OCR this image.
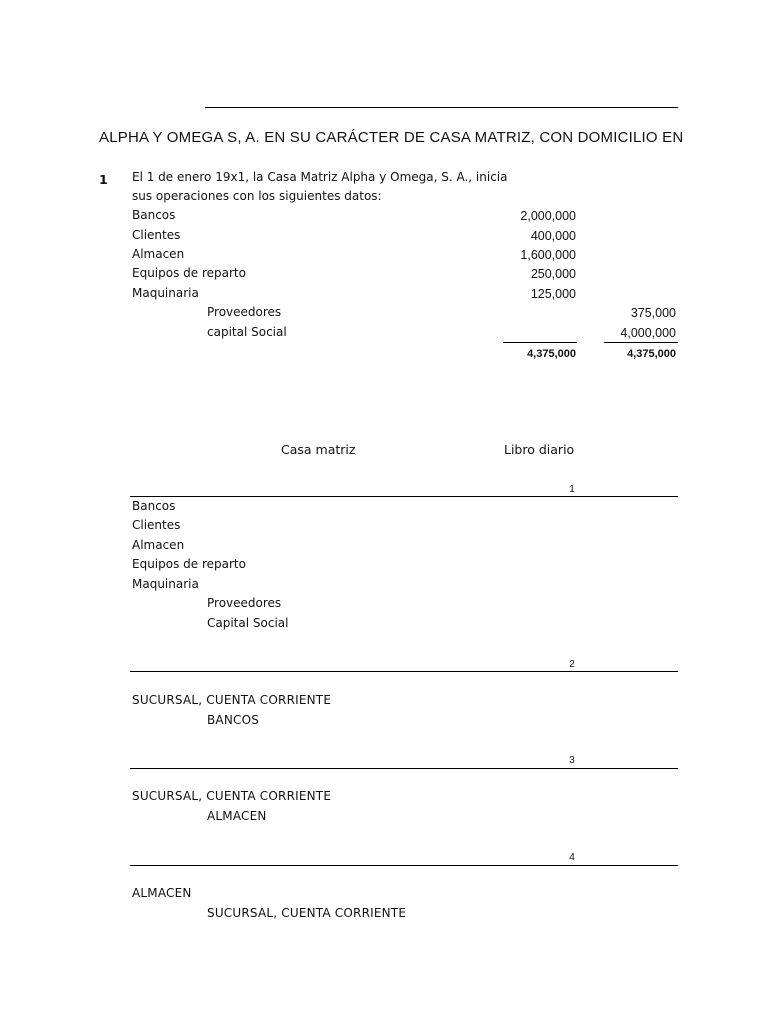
ALPHA Y OMEGA S, A. EN SU CARÁCTER DE CASA MATRIZ, CON DOMICILIO EN
1 El 1 de enero 19x1, la Casa Matriz Alpha y Omega, S. A., inicia
sus operaciones con los siguientes datos:
Bancos	2,000,000
Clientes	400,000
Almacen	1,600,000
Equipos de reparto	250,000
Maquinaria	125,000
Proveedores	375,000
capital Social	4,000,000
4,375,000	4,375,000
Casa matriz	Libro diario
1
Bancos
Clientes
Almacen
Equipos de reparto
Maquinaria
Proveedores
Capital Social
2
SUCURSAL, CUENTA CORRIENTE
BANCOS
3
SUCURSAL, CUENTA CORRIENTE
ALMACEN
4
ALMACEN
SUCURSAL, CUENTA CORRIENTE
